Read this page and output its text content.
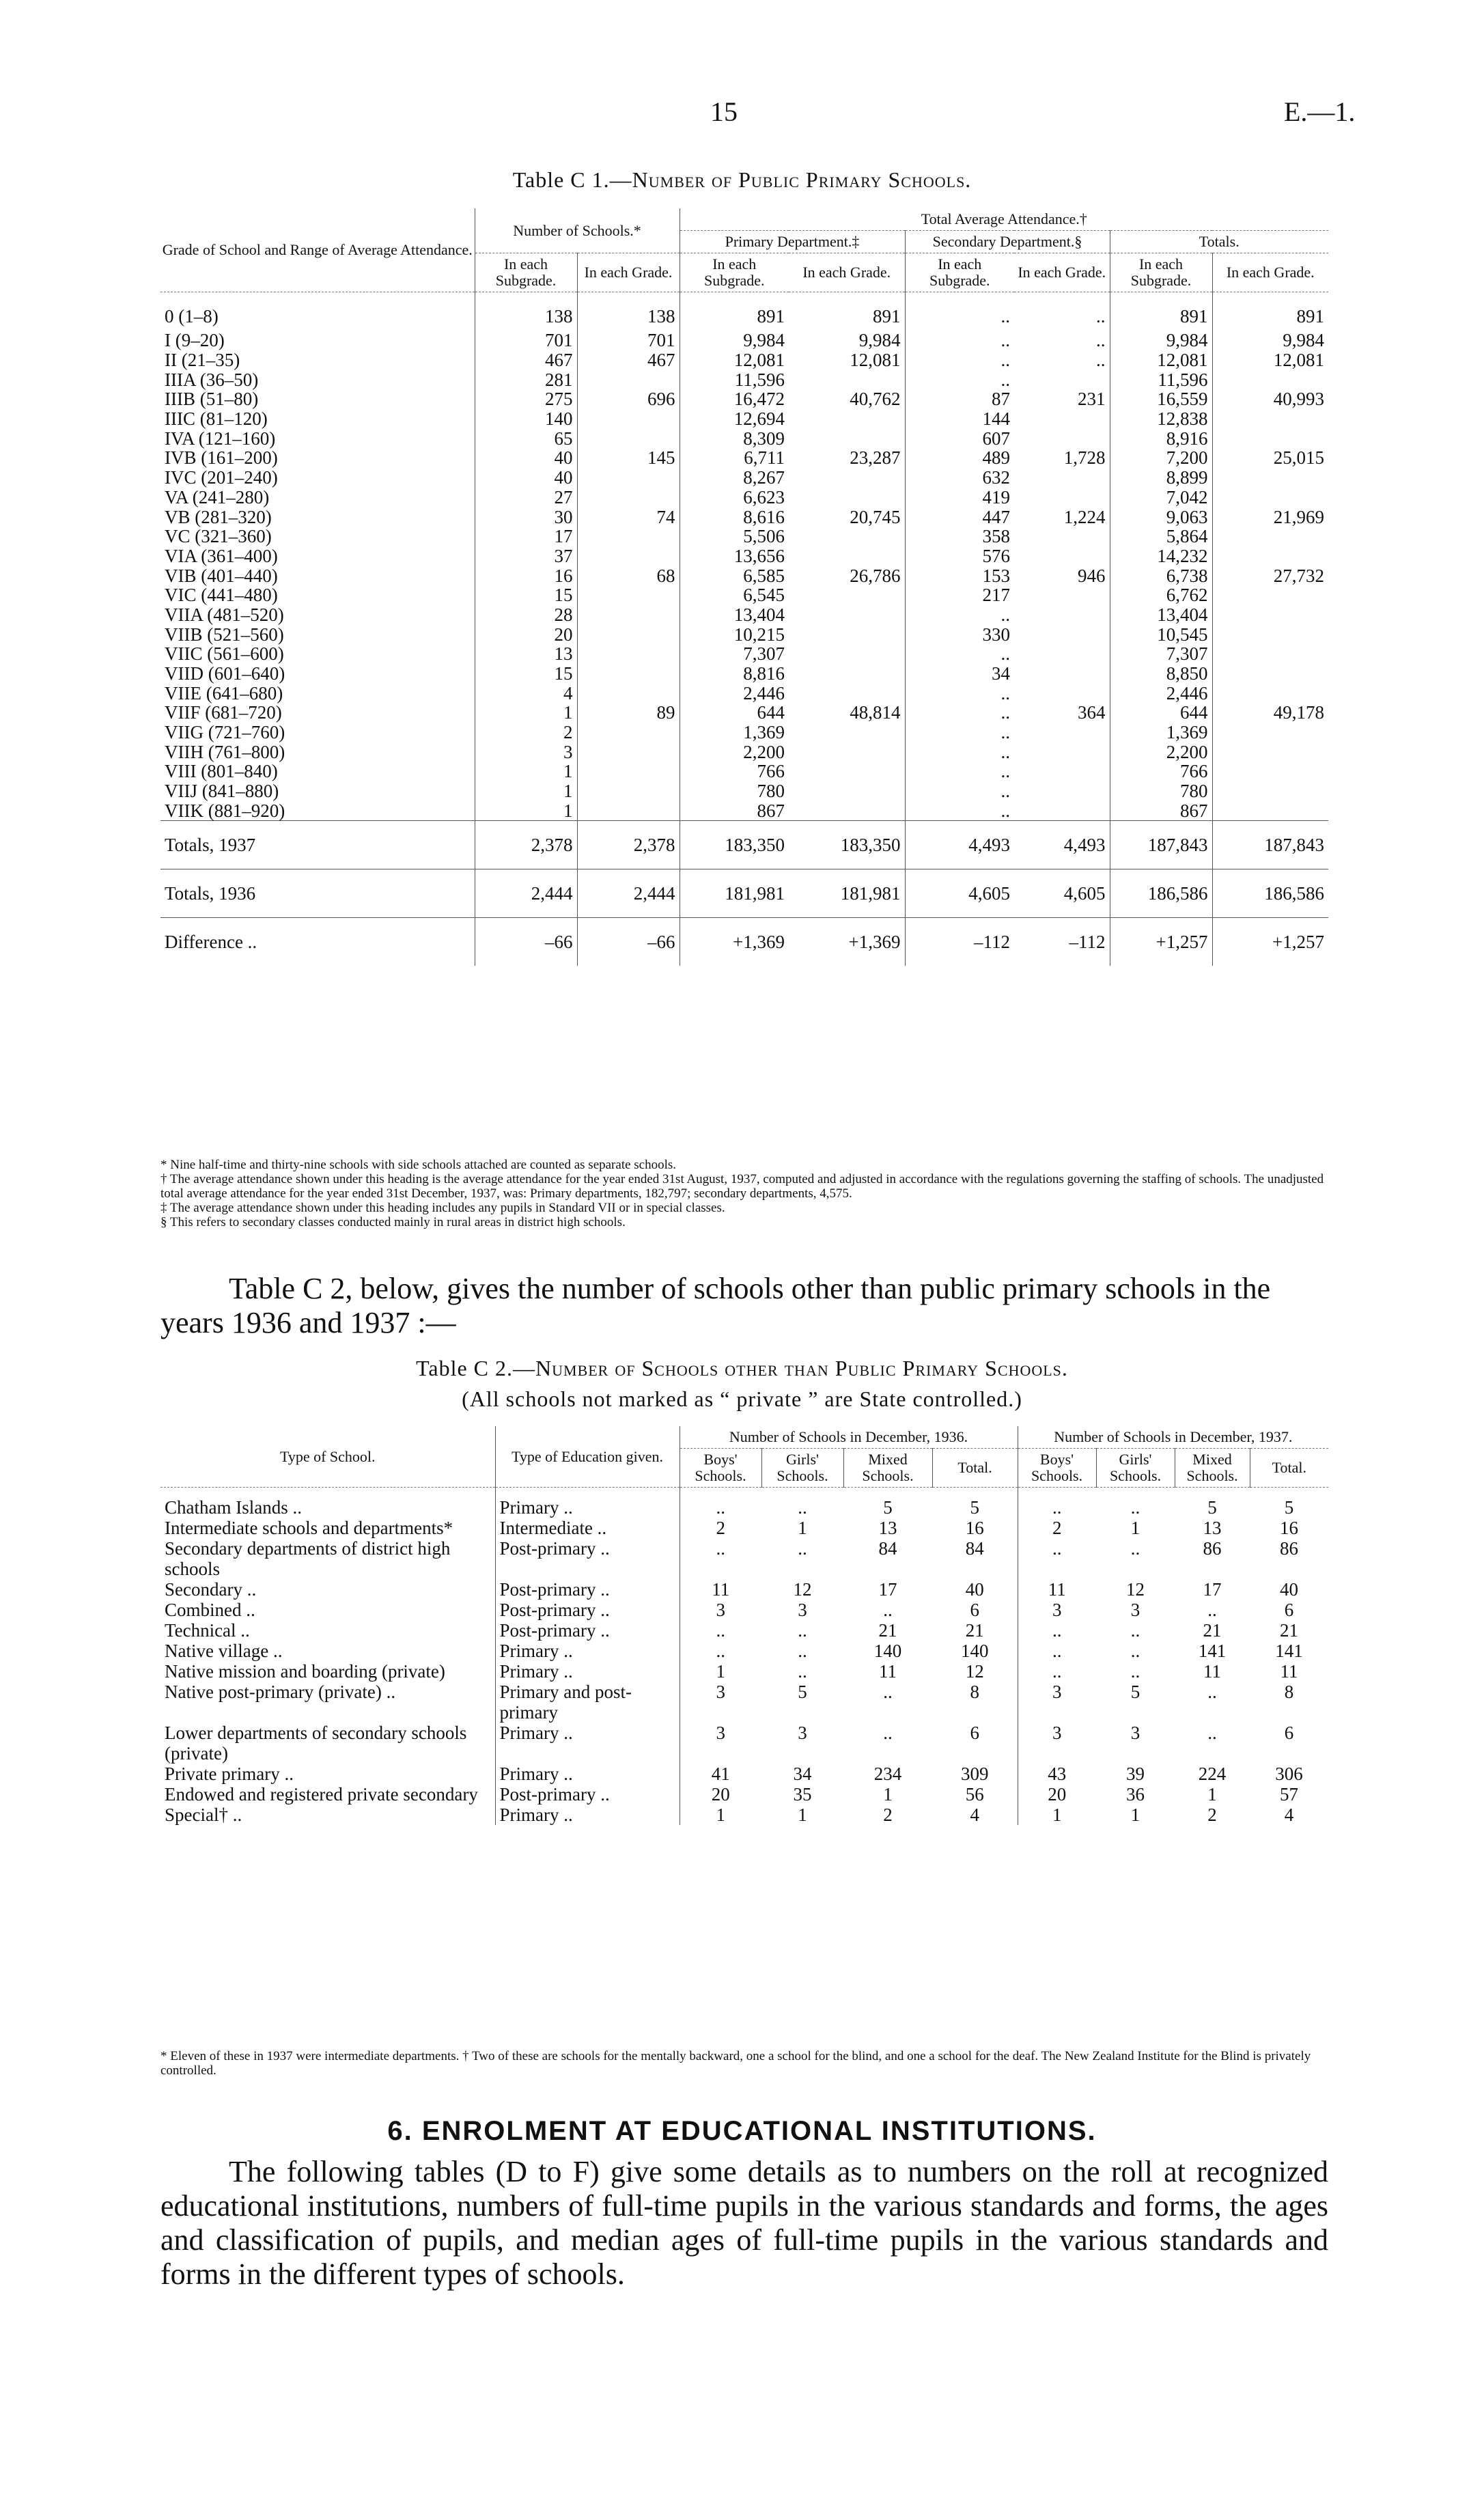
15	E.—1.
Table C 1.—Number of Public Primary Schools.
Grade of School and Range of Average Attendance.	Number of Schools.*		Total Average Attendance.†					
			Primary Department.‡		Secondary Department.§		Totals.	
	In each Subgrade.	In each Grade.	In each Subgrade.	In each Grade.	In each Subgrade.	In each Grade.	In each Subgrade.	In each Grade.
0 (1–8)	138	138	891	891	..	..	891	891
I (9–20)	701	701	9,984	9,984	..	..	9,984	9,984
II (21–35)	467	467	12,081	12,081	..	..	12,081	12,081
IIIA (36–50)	281		11,596		..		11,596	
IIIB (51–80)	275	696	16,472	40,762	87	231	16,559	40,993
IIIC (81–120)	140		12,694		144		12,838	
IVA (121–160)	65		8,309		607		8,916	
IVB (161–200)	40	145	6,711	23,287	489	1,728	7,200	25,015
IVC (201–240)	40		8,267		632		8,899	
VA (241–280)	27		6,623		419		7,042	
VB (281–320)	30	74	8,616	20,745	447	1,224	9,063	21,969
VC (321–360)	17		5,506		358		5,864	
VIA (361–400)	37		13,656		576		14,232	
VIB (401–440)	16	68	6,585	26,786	153	946	6,738	27,732
VIC (441–480)	15		6,545		217		6,762	
VIIA (481–520)	28		13,404		..		13,404	
VIIB (521–560)	20		10,215		330		10,545	
VIIC (561–600)	13		7,307		..		7,307	
VIID (601–640)	15		8,816		34		8,850	
VIIE (641–680)	4		2,446		..		2,446	
VIIF (681–720)	1	89	644	48,814	..	364	644	49,178
VIIG (721–760)	2		1,369		..		1,369	
VIIH (761–800)	3		2,200		..		2,200	
VIII (801–840)	1		766		..		766	
VIIJ (841–880)	1		780		..		780	
VIIK (881–920)	1		867		..		867	
Totals, 1937	2,378	2,378	183,350	183,350	4,493	4,493	187,843	187,843
Totals, 1936	2,444	2,444	181,981	181,981	4,605	4,605	186,586	186,586
Difference ..	–66	–66	+1,369	+1,369	–112	–112	+1,257	+1,257

* Nine half-time and thirty-nine schools with side schools attached are counted as separate schools.

† The average attendance shown under this heading is the average attendance for the year ended 31st August, 1937, computed and adjusted in accordance with the regulations governing the staffing of schools. The unadjusted total average attendance for the year ended 31st December, 1937, was: Primary departments, 182,797; secondary departments, 4,575.

‡ The average attendance shown under this heading includes any pupils in Standard VII or in special classes.

§ This refers to secondary classes conducted mainly in rural areas in district high schools.

Table C 2, below, gives the number of schools other than public primary schools in the years 1936 and 1937 :—
Table C 2.—Number of Schools other than Public Primary Schools.
(All schools not marked as “ private ” are State controlled.)
Type of School.	Type of Education given.	Number of Schools in December, 1936.				Number of Schools in December, 1937.			
		Boys' Schools.	Girls' Schools.	Mixed Schools.	Total.	Boys' Schools.	Girls' Schools.	Mixed Schools.	Total.
Chatham Islands ..	Primary ..	..	..	5	5	..	..	5	5
Intermediate schools and departments*	Intermediate ..	2	1	13	16	2	1	13	16
Secondary departments of district high schools	Post-primary ..	..	..	84	84	..	..	86	86
Secondary ..	Post-primary ..	11	12	17	40	11	12	17	40
Combined ..	Post-primary ..	3	3	..	6	3	3	..	6
Technical ..	Post-primary ..	..	..	21	21	..	..	21	21
Native village ..	Primary ..	..	..	140	140	..	..	141	141
Native mission and boarding (private)	Primary ..	1	..	11	12	..	..	11	11
Native post-primary (private) ..	Primary and post-primary	3	5	..	8	3	5	..	8
Lower departments of secondary schools (private)	Primary ..	3	3	..	6	3	3	..	6
Private primary ..	Primary ..	41	34	234	309	43	39	224	306
Endowed and registered private secondary	Post-primary ..	20	35	1	56	20	36	1	57
Special† ..	Primary ..	1	1	2	4	1	1	2	4

* Eleven of these in 1937 were intermediate departments. † Two of these are schools for the mentally backward, one a school for the blind, and one a school for the deaf. The New Zealand Institute for the Blind is privately controlled.

6. ENROLMENT AT EDUCATIONAL INSTITUTIONS.
The following tables (D to F) give some details as to numbers on the roll at recognized educational institutions, numbers of full-time pupils in the various standards and forms, the ages and classification of pupils, and median ages of full-time pupils in the various standards and forms in the different types of schools.
